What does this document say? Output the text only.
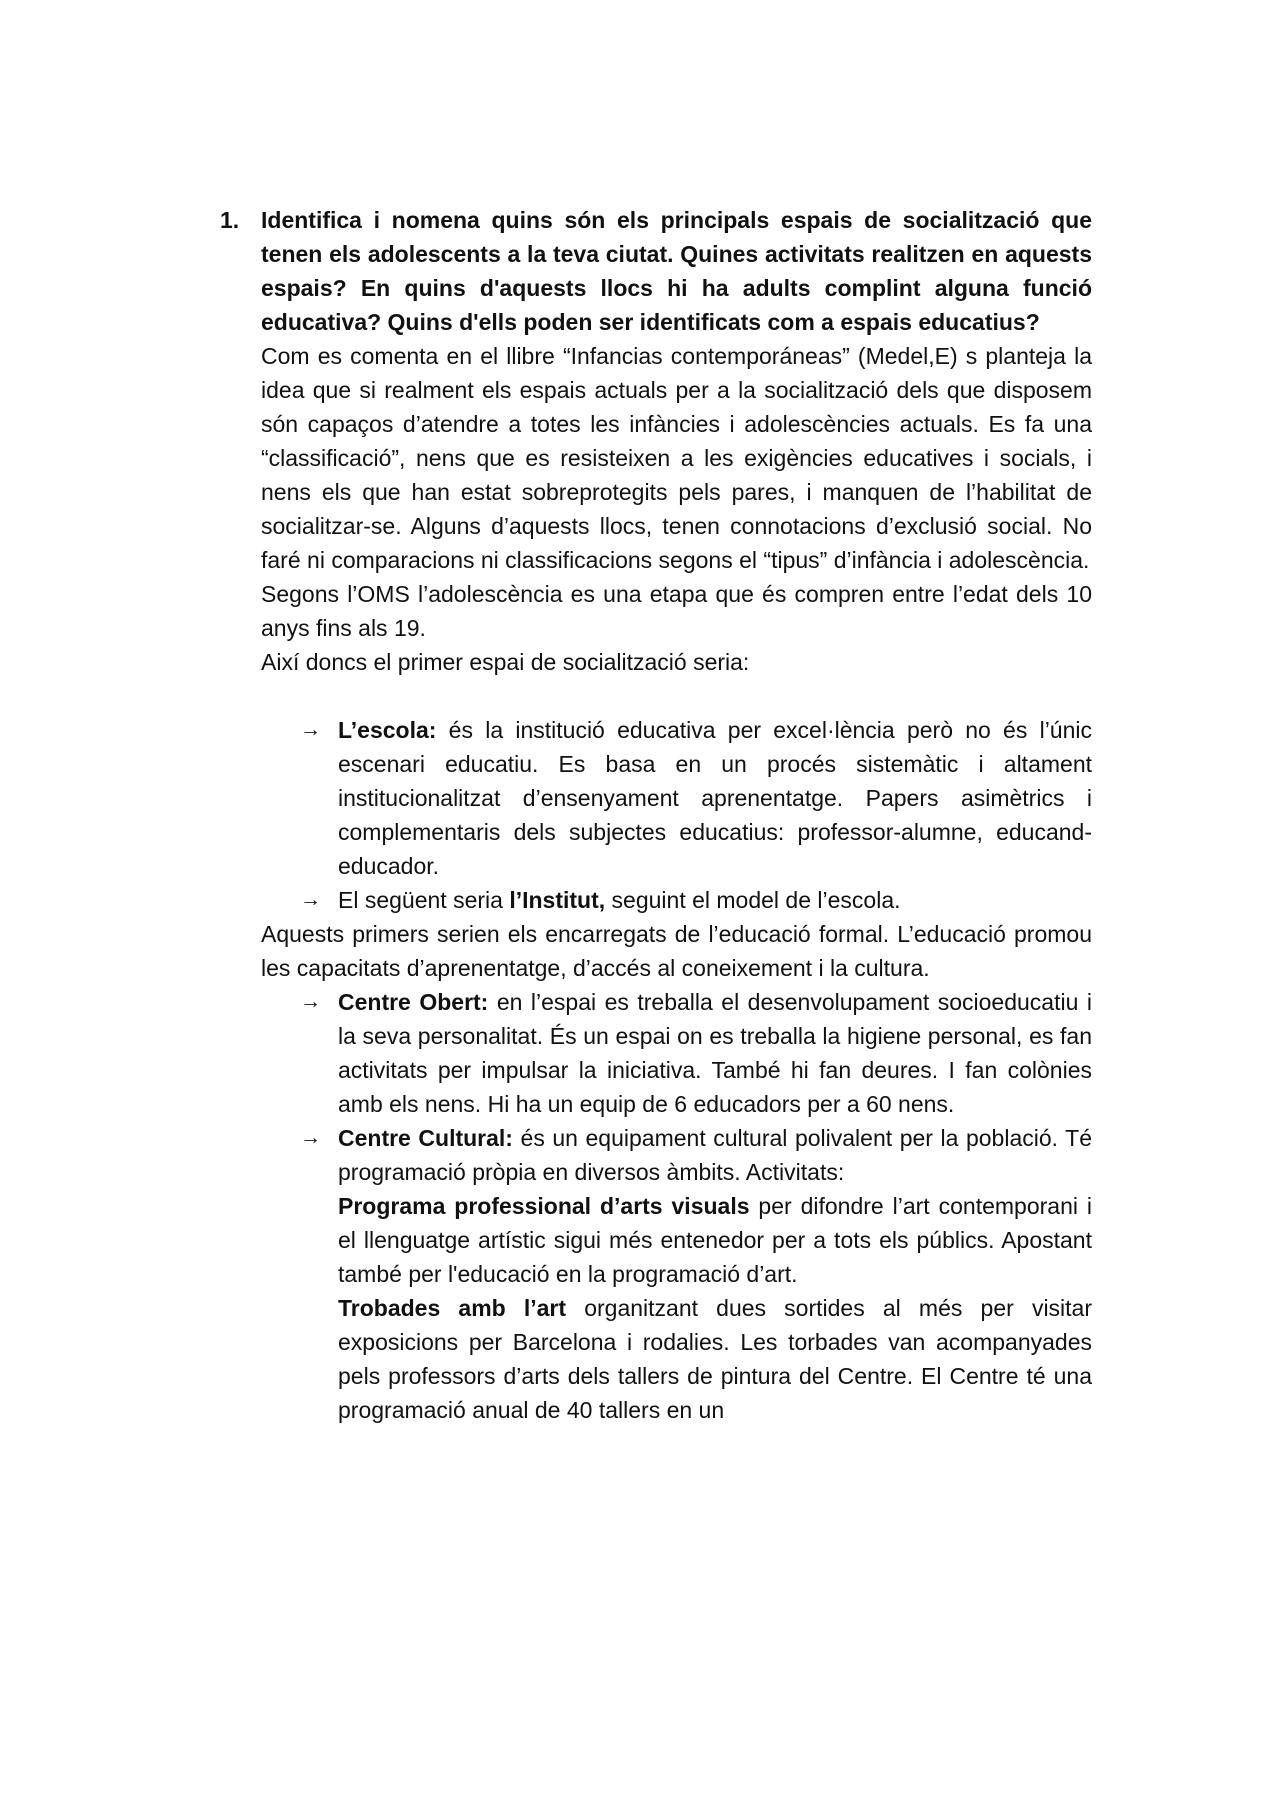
1. Identifica i nomena quins són els principals espais de socialització que tenen els adolescents a la teva ciutat. Quines activitats realitzen en aquests espais? En quins d'aquests llocs hi ha adults complint alguna funció educativa? Quins d'ells poden ser identificats com a espais educatius?

Com es comenta en el llibre “Infancias contemporáneas” (Medel,E) s planteja la idea que si realment els espais actuals per a la socialització dels que disposem són capaços d’atendre a totes les infàncies i adolescències actuals. Es fa una “classificació”, nens que es resisteixen a les exigències educatives i socials, i nens els que han estat sobreprotegits pels pares, i manquen de l’habilitat de socialitzar-se. Alguns d’aquests llocs, tenen connotacions d’exclusió social. No faré ni comparacions ni classificacions segons el “tipus” d’infància i adolescència.

Segons l’OMS l’adolescència es una etapa que és compren entre l’edat dels 10 anys fins als 19.

Així doncs el primer espai de socialització seria:

→ L’escola: és la institució educativa per excel·lència però no és l’únic escenari educatiu. Es basa en un procés sistemàtic i altament institucionalitzat d’ensenyament aprenentatge. Papers asimètrics i complementaris dels subjectes educatius: professor-alumne, educand-educador.
→ El següent seria l’Institut, seguint el model de l’escola.

Aquests primers serien els encarregats de l’educació formal. L’educació promou les capacitats d’aprenentatge, d’accés al coneixement i la cultura.

→ Centre Obert: en l’espai es treballa el desenvolupament socioeducatiu i la seva personalitat. És un espai on es treballa la higiene personal, es fan activitats per impulsar la iniciativa. També hi fan deures. I fan colònies amb els nens. Hi ha un equip de 6 educadors per a 60 nens.
→ Centre Cultural: és un equipament cultural polivalent per la població. Té programació pròpia en diversos àmbits. Activitats:
Programa professional d’arts visuals per difondre l’art contemporani i el llenguatge artístic sigui més entenedor per a tots els públics. Apostant també per l'educació en la programació d’art.
Trobades amb l’art organitzant dues sortides al més per visitar exposicions per Barcelona i rodalies. Les torbades van acompanyades pels professors d’arts dels tallers de pintura del Centre. El Centre té una programació anual de 40 tallers en un
